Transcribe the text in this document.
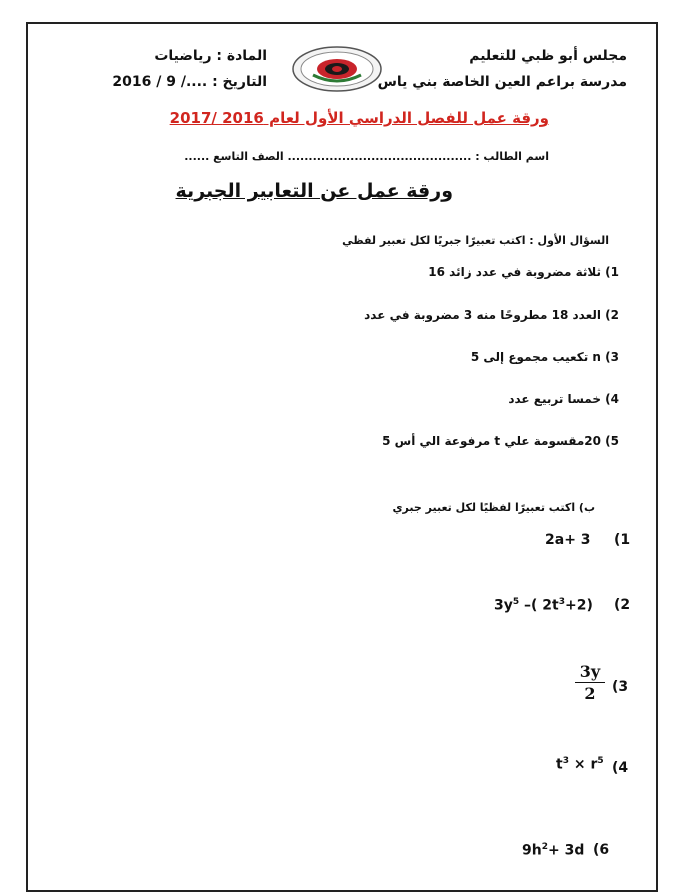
مجلس أبو ظبي للتعليم
مدرسة براعم العين الخاصة بني ياس
المادة : رياضيات
التاريخ : ..../ 9 / 2016
ورقة عمل للفصل الدراسي الأول لعام 2016 /2017
اسم الطالب : ............................................ الصف التاسع ......
ورقة عمل عن التعابير الجبرية
السؤال الأول : اكتب تعبيرًا جبريًا لكل تعبير لفظي
1) ثلاثة مضروبة في عدد زائد 16
2) العدد 18 مطروحًا منه 3 مضروبة في عدد
3) n تكعيب مجموع إلى 5
4) خمسا تربيع عدد
5) 20مقسومة علي t مرفوعة الي أس 5
ب) اكتب تعبيرًا لفظيًا لكل تعبير جبري
2a+ 3 (1
$3y^5$ –( $2t^3+2$) (2
$\frac{3y}{2} (3$
$t^3 \times r^5$ (4
$9h^2+ 3d$ (6
